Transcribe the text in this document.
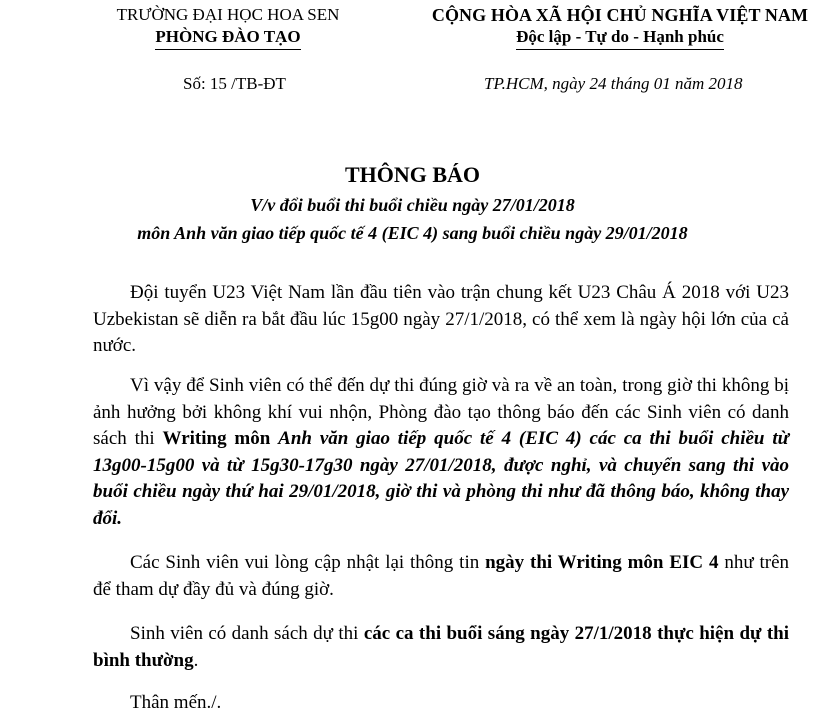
TRƯỜNG ĐẠI HỌC HOA SEN
PHÒNG ĐÀO TẠO
CỘNG HÒA XÃ HỘI CHỦ NGHĨA VIỆT NAM
Độc lập - Tự do - Hạnh phúc
Số: 15 /TB-ĐT	TP.HCM, ngày 24 tháng 01 năm 2018
THÔNG BÁO
V/v đổi buổi thi buổi chiều ngày 27/01/2018
môn Anh văn giao tiếp quốc tế 4 (EIC 4) sang buổi chiều ngày 29/01/2018

Đội tuyển U23 Việt Nam lần đầu tiên vào trận chung kết U23 Châu Á 2018 với U23 Uzbekistan sẽ diễn ra bắt đầu lúc 15g00 ngày 27/1/2018, có thể xem là ngày hội lớn của cả nước.

Vì vậy để Sinh viên có thể đến dự thi đúng giờ và ra về an toàn, trong giờ thi không bị ảnh hưởng bởi không khí vui nhộn, Phòng đào tạo thông báo đến các Sinh viên có danh sách thi Writing môn Anh văn giao tiếp quốc tế 4 (EIC 4) các ca thi buổi chiều từ 13g00-15g00 và từ 15g30-17g30 ngày 27/01/2018, được nghỉ, và chuyển sang thi vào buổi chiều ngày thứ hai 29/01/2018, giờ thi và phòng thi như đã thông báo, không thay đổi.

Các Sinh viên vui lòng cập nhật lại thông tin ngày thi Writing môn EIC 4 như trên để tham dự đầy đủ và đúng giờ.

Sinh viên có danh sách dự thi các ca thi buổi sáng ngày 27/1/2018 thực hiện dự thi bình thường.

Thân mến./.
